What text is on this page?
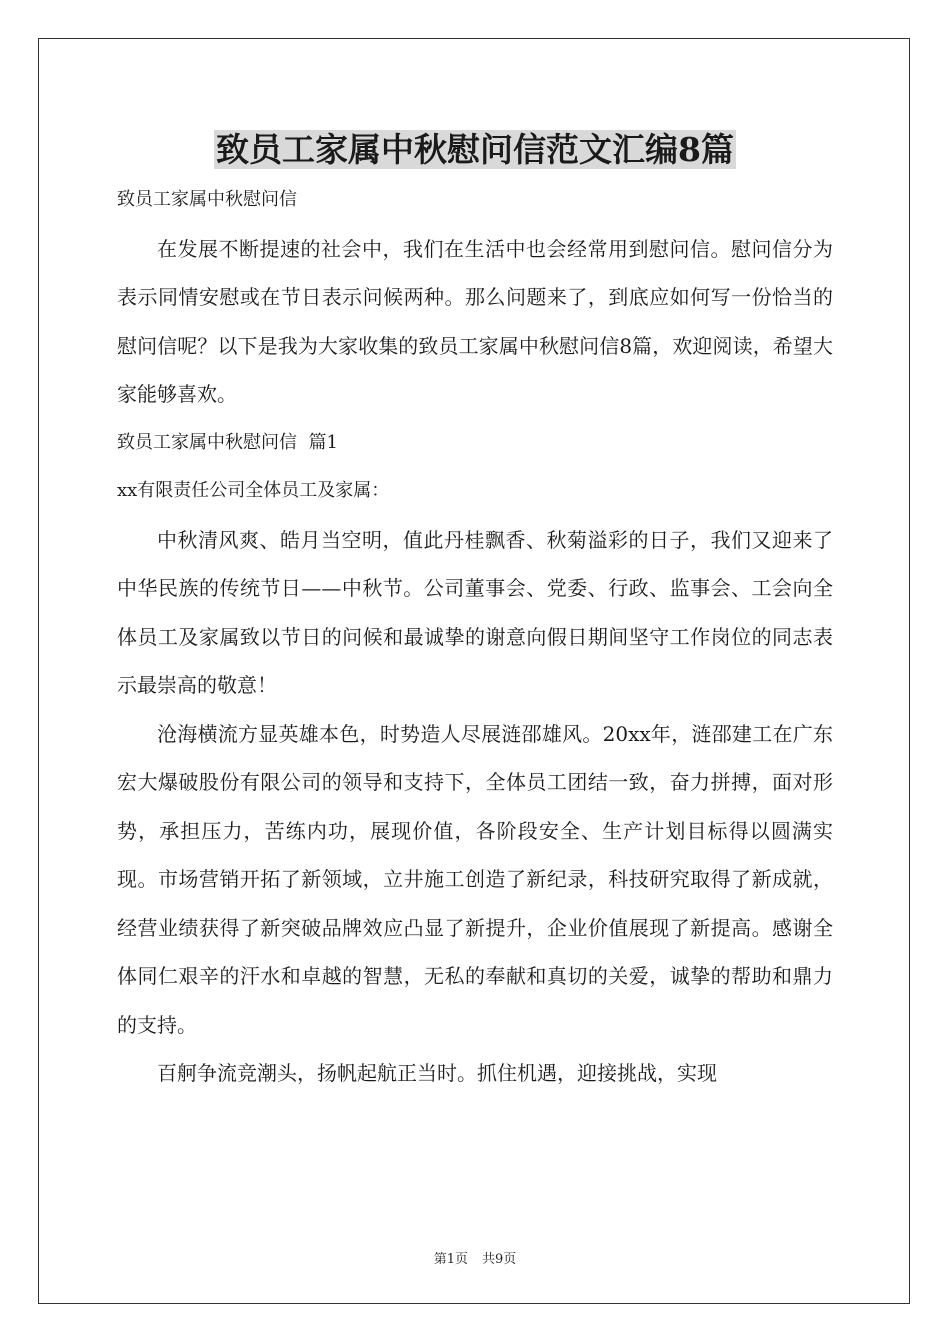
致员工家属中秋慰问信范文汇编8篇

致员工家属中秋慰问信

在发展不断提速的社会中，我们在生活中也会经常用到慰问信。慰问信分为表示同情安慰或在节日表示问候两种。那么问题来了，到底应如何写一份恰当的慰问信呢？以下是我为大家收集的致员工家属中秋慰问信8篇，欢迎阅读，希望大家能够喜欢。

致员工家属中秋慰问信  篇1

xx有限责任公司全体员工及家属：

中秋清风爽、皓月当空明，值此丹桂飘香、秋菊溢彩的日子，我们又迎来了中华民族的传统节日——中秋节。公司董事会、党委、行政、监事会、工会向全体员工及家属致以节日的问候和最诚挚的谢意向假日期间坚守工作岗位的同志表示最崇高的敬意！

沧海横流方显英雄本色，时势造人尽展涟邵雄风。20xx年，涟邵建工在广东宏大爆破股份有限公司的领导和支持下，全体员工团结一致，奋力拼搏，面对形势，承担压力，苦练内功，展现价值，各阶段安全、生产计划目标得以圆满实现。市场营销开拓了新领域，立井施工创造了新纪录，科技研究取得了新成就，经营业绩获得了新突破品牌效应凸显了新提升，企业价值展现了新提高。感谢全体同仁艰辛的汗水和卓越的智慧，无私的奉献和真切的关爱，诚挚的帮助和鼎力的支持。

百舸争流竞潮头，扬帆起航正当时。抓住机遇，迎接挑战，实现

第1页 共9页
